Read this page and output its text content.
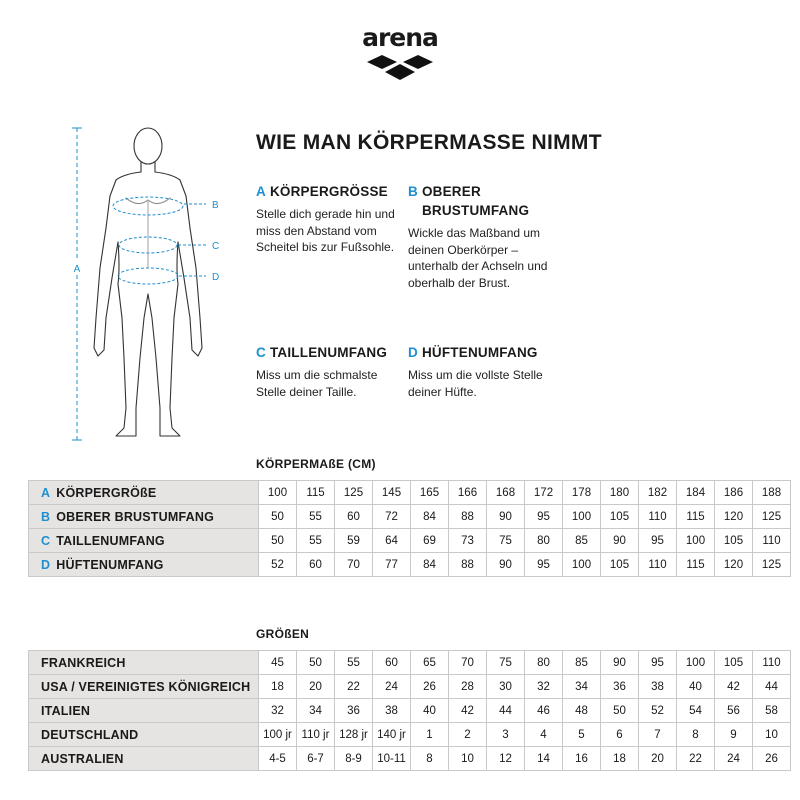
arena
A
B
C
D
WIE MAN KÖRPERMASSE NIMMT
A KÖRPERGRÖSSE
Stelle dich gerade hin und miss den Abstand vom Scheitel bis zur Fußsohle.
B OBERER BRUSTUMFANG
Wickle das Maßband um deinen Oberkörper – unterhalb der Achseln und oberhalb der Brust.
C TAILLENUMFANG
Miss um die schmalste Stelle deiner Taille.
D HÜFTENUMFANG
Miss um die vollste Stelle deiner Hüfte.
KÖRPERMAßE (CM)
A KÖRPERGRÖßE	100	115	125	145	165	166	168	172	178	180	182	184	186	188
B OBERER BRUSTUMFANG	50	55	60	72	84	88	90	95	100	105	110	115	120	125
C TAILLENUMFANG	50	55	59	64	69	73	75	80	85	90	95	100	105	110
D HÜFTENUMFANG	52	60	70	77	84	88	90	95	100	105	110	115	120	125
GRÖßEN
FRANKREICH	45	50	55	60	65	70	75	80	85	90	95	100	105	110
USA / VEREINIGTES KÖNIGREICH	18	20	22	24	26	28	30	32	34	36	38	40	42	44
ITALIEN	32	34	36	38	40	42	44	46	48	50	52	54	56	58
DEUTSCHLAND	100 jr	110 jr	128 jr	140 jr	1	2	3	4	5	6	7	8	9	10
AUSTRALIEN	4-5	6-7	8-9	10-11	8	10	12	14	16	18	20	22	24	26
